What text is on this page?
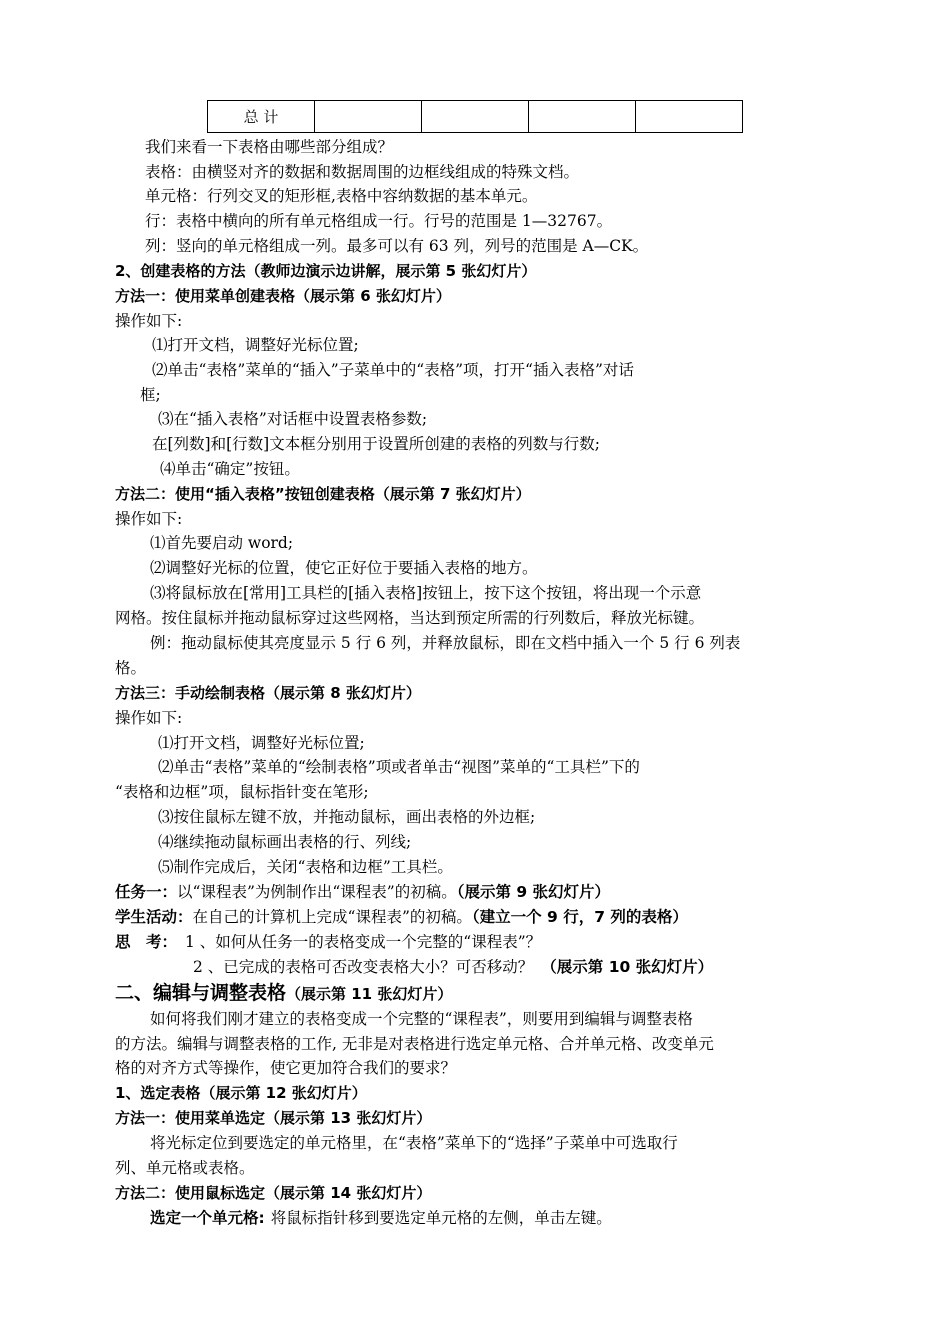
总 计				
我们来看一下表格由哪些部分组成？
表格：由横竖对齐的数据和数据周围的边框线组成的特殊文档。
单元格：行列交叉的矩形框,表格中容纳数据的基本单元。
行：表格中横向的所有单元格组成一行。行号的范围是 1—32767。
列：竖向的单元格组成一列。最多可以有 63 列，列号的范围是 A—CK。
2、创建表格的方法（教师边演示边讲解，展示第 5 张幻灯片）
方法一：使用菜单创建表格（展示第 6 张幻灯片）
操作如下:
⑴打开文档，调整好光标位置;
⑵单击“表格”菜单的“插入”子菜单中的“表格”项，打开“插入表格”对话
框;
⑶在“插入表格”对话框中设置表格参数;
在[列数]和[行数]文本框分别用于设置所创建的表格的列数与行数;
⑷单击“确定”按钮。
方法二：使用“插入表格”按钮创建表格（展示第 7 张幻灯片）
操作如下:
⑴首先要启动 word;
⑵调整好光标的位置，使它正好位于要插入表格的地方。
⑶将鼠标放在[常用]工具栏的[插入表格]按钮上，按下这个按钮，将出现一个示意
网格。按住鼠标并拖动鼠标穿过这些网格，当达到预定所需的行列数后，释放光标键。
例：拖动鼠标使其亮度显示 5 行 6 列，并释放鼠标，即在文档中插入一个 5 行 6 列表
格。
方法三：手动绘制表格（展示第 8 张幻灯片）
操作如下:
⑴打开文档，调整好光标位置;
⑵单击“表格”菜单的“绘制表格”项或者单击“视图”菜单的“工具栏”下的
“表格和边框”项，鼠标指针变在笔形;
⑶按住鼠标左键不放，并拖动鼠标，画出表格的外边框;
⑷继续拖动鼠标画出表格的行、列线;
⑸制作完成后，关闭“表格和边框”工具栏。
任务一：以“课程表”为例制作出“课程表”的初稿。（展示第 9 张幻灯片）
学生活动：在自己的计算机上完成“课程表”的初稿。（建立一个 9 行，7 列的表格）
思　考： 1 、如何从任务一的表格变成一个完整的“课程表”？
2 、已完成的表格可否改变表格大小？可否移动？ （展示第 10 张幻灯片）
二、编辑与调整表格（展示第 11 张幻灯片）
如何将我们刚才建立的表格变成一个完整的“课程表”，则要用到编辑与调整表格
的方法。编辑与调整表格的工作, 无非是对表格进行选定单元格、合并单元格、改变单元
格的对齐方式等操作，使它更加符合我们的要求？
1、选定表格（展示第 12 张幻灯片）
方法一：使用菜单选定（展示第 13 张幻灯片）
将光标定位到要选定的单元格里，在“表格”菜单下的“选择”子菜单中可选取行
列、单元格或表格。
方法二：使用鼠标选定（展示第 14 张幻灯片）
选定一个单元格: 将鼠标指针移到要选定单元格的左侧，单击左键。
